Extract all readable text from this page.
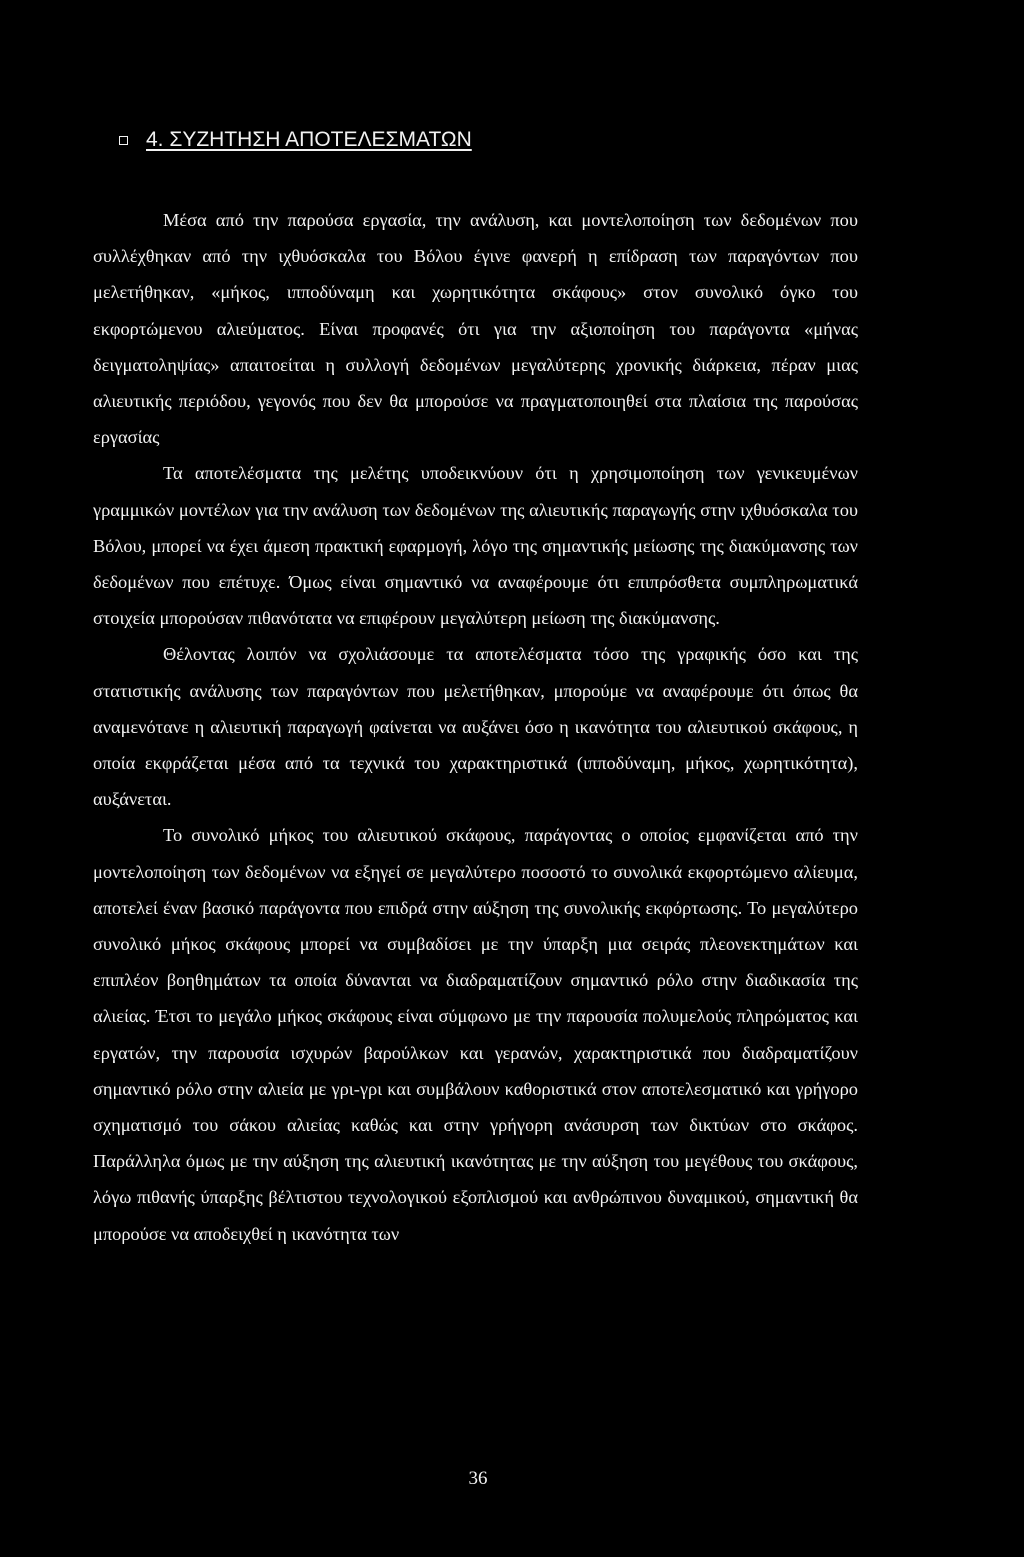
4. ΣΥΖΗΤΗΣΗ ΑΠΟΤΕΛΕΣΜΑΤΩΝ

Μέσα από την παρούσα εργασία, την ανάλυση, και μοντελοποίηση των δεδομένων που συλλέχθηκαν από την ιχθυόσκαλα του Βόλου έγινε φανερή η επίδραση των παραγόντων που μελετήθηκαν, «μήκος, ιπποδύναμη και χωρητικότητα σκάφους» στον συνολικό όγκο του εκφορτώμενου αλιεύματος. Είναι προφανές ότι για την αξιοποίηση του παράγοντα «μήνας δειγματοληψίας» απαιτοείται η συλλογή δεδομένων μεγαλύτερης χρονικής διάρκεια, πέραν μιας αλιευτικής περιόδου, γεγονός που δεν θα μπορούσε να πραγματοποιηθεί στα πλαίσια της παρούσας εργασίας

Τα αποτελέσματα της μελέτης υποδεικνύουν ότι η χρησιμοποίηση των γενικευμένων γραμμικών μοντέλων για την ανάλυση των δεδομένων της αλιευτικής παραγωγής στην ιχθυόσκαλα του Βόλου, μπορεί να έχει άμεση πρακτική εφαρμογή, λόγο της σημαντικής μείωσης της διακύμανσης των δεδομένων που επέτυχε. Όμως είναι σημαντικό να αναφέρουμε ότι επιπρόσθετα συμπληρωματικά στοιχεία μπορούσαν πιθανότατα να επιφέρουν μεγαλύτερη μείωση της διακύμανσης.

Θέλοντας λοιπόν να σχολιάσουμε τα αποτελέσματα τόσο της γραφικής όσο και της στατιστικής ανάλυσης των παραγόντων που μελετήθηκαν, μπορούμε να αναφέρουμε ότι όπως θα αναμενότανε η αλιευτική παραγωγή φαίνεται να αυξάνει όσο η ικανότητα του αλιευτικού σκάφους, η οποία εκφράζεται μέσα από τα τεχνικά του χαρακτηριστικά (ιπποδύναμη, μήκος, χωρητικότητα), αυξάνεται.

Το συνολικό μήκος του αλιευτικού σκάφους, παράγοντας ο οποίος εμφανίζεται από την μοντελοποίηση των δεδομένων να εξηγεί σε μεγαλύτερο ποσοστό το συνολικά εκφορτώμενο αλίευμα, αποτελεί έναν βασικό παράγοντα που επιδρά στην αύξηση της συνολικής εκφόρτωσης. Το μεγαλύτερο συνολικό μήκος σκάφους μπορεί να συμβαδίσει με την ύπαρξη μια σειράς πλεονεκτημάτων και επιπλέον βοηθημάτων τα οποία δύνανται να διαδραματίζουν σημαντικό ρόλο στην διαδικασία της αλιείας. Έτσι το μεγάλο μήκος σκάφους είναι σύμφωνο με την παρουσία πολυμελούς πληρώματος και εργατών, την παρουσία ισχυρών βαρούλκων και γερανών, χαρακτηριστικά που διαδραματίζουν σημαντικό ρόλο στην αλιεία με γρι-γρι και συμβάλουν καθοριστικά στον αποτελεσματικό και γρήγορο σχηματισμό του σάκου αλιείας καθώς και στην γρήγορη ανάσυρση των δικτύων στο σκάφος. Παράλληλα όμως με την αύξηση της αλιευτική ικανότητας με την αύξηση του μεγέθους του σκάφους, λόγω πιθανής ύπαρξης βέλτιστου τεχνολογικού εξοπλισμού και ανθρώπινου δυναμικού, σημαντική θα μπορούσε να αποδειχθεί η ικανότητα των

36
